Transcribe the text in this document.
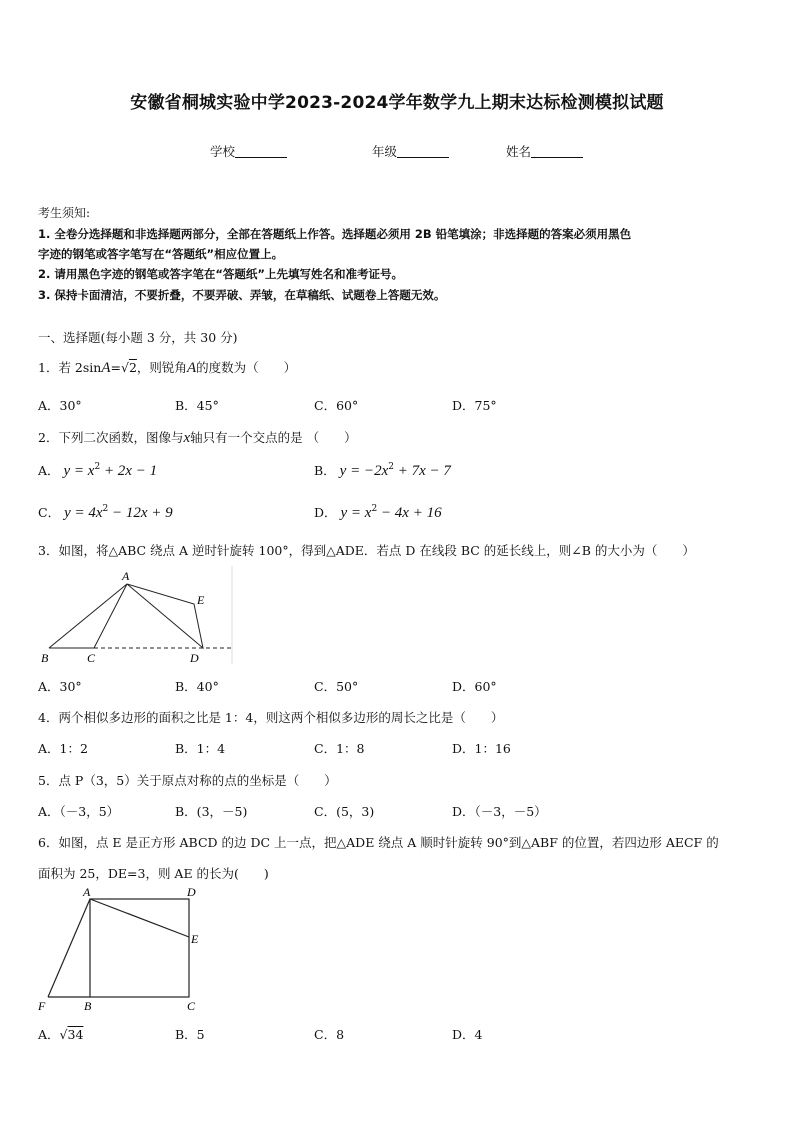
安徽省桐城实验中学2023-2024学年数学九上期末达标检测模拟试题
学校	年级	姓名
考生须知:
1. 全卷分选择题和非选择题两部分，全部在答题纸上作答。选择题必须用 2B 铅笔填涂；非选择题的答案必须用黑色
字迹的钢笔或答字笔写在“答题纸”相应位置上。
2. 请用黑色字迹的钢笔或答字笔在“答题纸”上先填写姓名和准考证号。
3. 保持卡面清洁，不要折叠，不要弄破、弄皱，在草稿纸、试题卷上答题无效。
一、选择题(每小题 3 分，共 30 分)
1．若 2sinA=√2，则锐角A的度数为（　　）
A．30°	B．45°	C．60°	D．75°
2．下列二次函数，图像与x轴只有一个交点的是 （　　）
A． $y = x^2 + 2x - 1$	B． $y = -2x^2 + 7x - 7$
C． $y = 4x^2 - 12x + 9$	D． $y = x^2 - 4x + 16$
3．如图，将△ABC 绕点 A 逆时针旋转 100°，得到△ADE．若点 D 在线段 BC 的延长线上，则∠B 的大小为（　　）
A
E
B	C	D
A．30°	B．40°	C．50°	D．60°
4．两个相似多边形的面积之比是 1：4，则这两个相似多边形的周长之比是（　　）
A．1：2	B．1：4	C．1：8	D．1：16
5．点 P（3，5）关于原点对称的点的坐标是（　　）
A．（－3，5）	B．(3，－5)	C．(5，3)	D．（－3，－5）
6．如图，点 E 是正方形 ABCD 的边 DC 上一点，把△ADE 绕点 A 顺时针旋转 90°到△ABF 的位置，若四边形 AECF 的
面积为 25，DE=3，则 AE 的长为(　　)
A	D
E
F	B	C
A．√34	B．5	C．8	D．4
